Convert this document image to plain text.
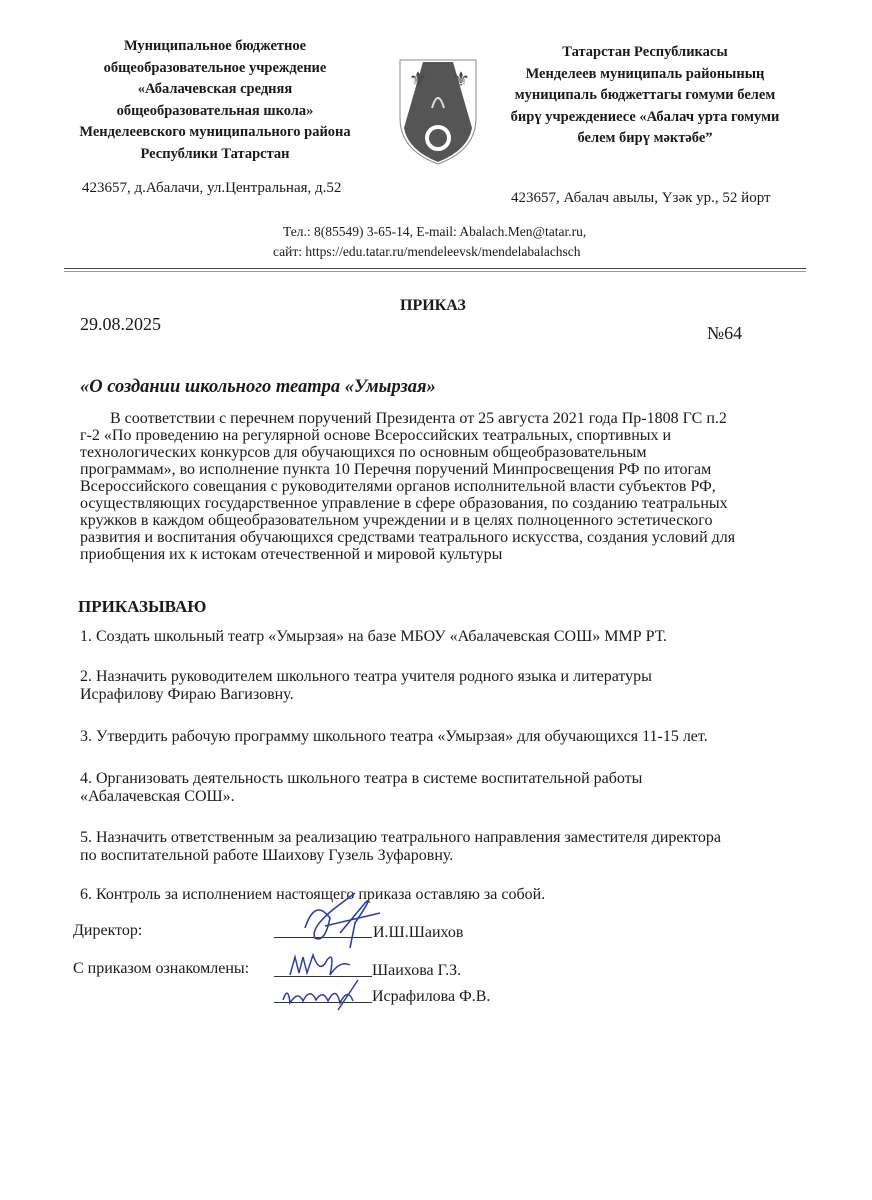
Муниципальное бюджетное
общеобразовательное учреждение
«Абалачевская средняя
общеобразовательная школа»
Менделеевского муниципального района
Республики Татарстан
⚜ ⚜
Татарстан Республикасы
Менделеев муниципаль районының
муниципаль бюджеттагы гомуми белем
бирү учреждениесе «Абалач урта гомуми
белем бирү мәктәбе”
423657, д.Абалачи, ул.Центральная, д.52
423657, Абалач авылы, Үзәк ур., 52 йорт
Тел.: 8(85549) 3-65-14, E-mail: Abalach.Men@tatar.ru,
сайт: https://edu.tatar.ru/mendeleevsk/mendelabalachsch
ПРИКАЗ
29.08.2025	№64
«О создании школьного театра «Умырзая»
В соответствии с перечнем поручений Президента от 25 августа 2021 года Пр-1808 ГС п.2
г-2 «По проведению на регулярной основе Всероссийских театральных, спортивных и
технологических конкурсов для обучающихся по основным общеобразовательным
программам», во исполнение пункта 10 Перечня поручений Минпросвещения РФ по итогам
Всероссийского совещания с руководителями органов исполнительной власти субъектов РФ,
осуществляющих государственное управление в сфере образования, по созданию театральных
кружков в каждом общеобразовательном учреждении и в целях полноценного эстетического
развития и воспитания обучающихся средствами театрального искусства, создания условий для
приобщения их к истокам отечественной и мировой культуры
ПРИКАЗЫВАЮ
1. Создать школьный театр «Умырзая» на базе МБОУ «Абалачевская СОШ» ММР РТ.
2. Назначить руководителем школьного театра учителя родного языка и литературы
Исрафилову Фираю Вагизовну.
3. Утвердить рабочую программу школьного театра «Умырзая» для обучающихся 11-15 лет.
4. Организовать деятельность школьного театра в системе воспитательной работы
«Абалачевская СОШ».
5. Назначить ответственным за реализацию театрального направления заместителя директора
по воспитательной работе Шаихову Гузель Зуфаровну.
6. Контроль за исполнением настоящего приказа оставляю за собой.
Директор:	И.Ш.Шаихов
С приказом ознакомлены:	Шаихова Г.З.
Исрафилова Ф.В.
